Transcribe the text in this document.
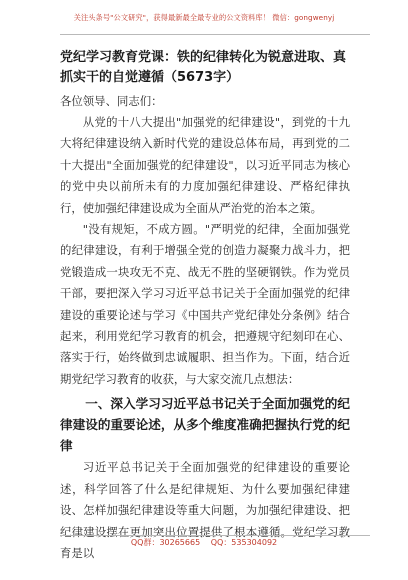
关注头条号"公文研究"，获得最新最全最专业的公文资料库！ 微信：gongwenyj
党纪学习教育党课：铁的纪律转化为锐意进取、真抓实干的自觉遵循（5673字）

各位领导、同志们：

从党的十八大提出"加强党的纪律建设"，到党的十九大将纪律建设纳入新时代党的建设总体布局，再到党的二十大提出"全面加强党的纪律建设"，以习近平同志为核心的党中央以前所未有的力度加强纪律建设、严格纪律执行，使加强纪律建设成为全面从严治党的治本之策。

"没有规矩，不成方圆。"严明党的纪律，全面加强党的纪律建设，有利于增强全党的创造力凝聚力战斗力，把党锻造成一块攻无不克、战无不胜的坚硬钢铁。作为党员干部，要把深入学习习近平总书记关于全面加强党的纪律建设的重要论述与学习《中国共产党纪律处分条例》结合起来，利用党纪学习教育的机会，把遵规守纪刻印在心、落实于行，始终做到忠诚履职、担当作为。下面，结合近期党纪学习教育的收获，与大家交流几点想法：

一、深入学习习近平总书记关于全面加强党的纪律建设的重要论述，从多个维度准确把握执行党的纪律

习近平总书记关于全面加强党的纪律建设的重要论述，科学回答了什么是纪律规矩、为什么要加强纪律建设、怎样加强纪律建设等重大问题，为加强纪律建设、把纪律建设摆在更加突出位置提供了根本遵循。党纪学习教育是以

QQ群：30265665 QQ：535304092
